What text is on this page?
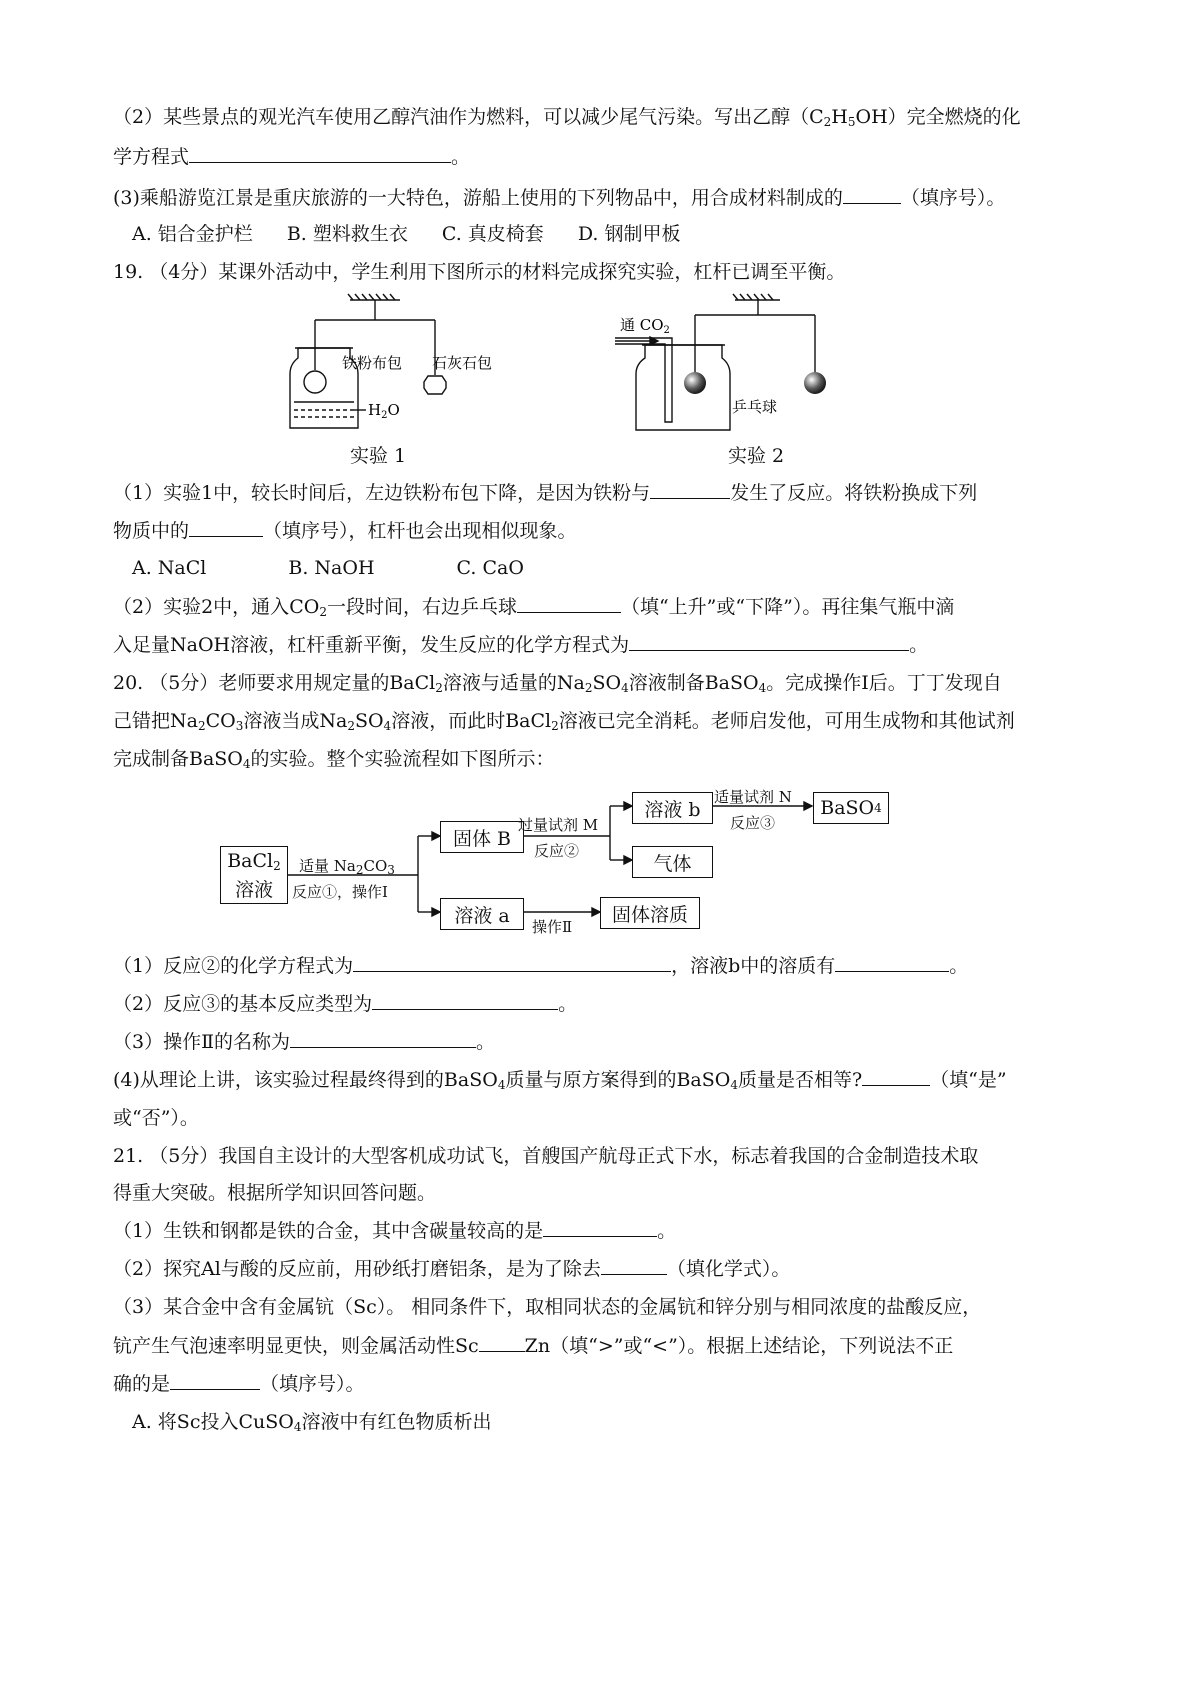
（2）某些景点的观光汽车使用乙醇汽油作为燃料，可以减少尾气污染。写出乙醇$(C_2H_5OH)$完全燃烧的化
学方程式	。
(3)乘船游览江景是重庆旅游的一大特色，游船上使用的下列物品中，用合成材料制成的	（填序号）。
A. 铝合金护栏 B. 塑料救生衣 C. 真皮椅套 D. 钢制甲板
19. （4分）某课外活动中，学生利用下图所示的材料完成探究实验，杠杆已调至平衡。
铁粉布包 石灰石包
$H_2O$
通 $CO_2$
乒乓球
实验 1	实验 2
（1）实验1中，较长时间后，左边铁粉布包下降，是因为铁粉与	发生了反应。将铁粉换成下列
物质中的	（填序号），杠杆也会出现相似现象。
A. NaCl	B. NaOH	C. CaO
（2）实验2中，通入$CO_2$一段时间，右边乒乓球	（填“上升”或“下降”）。再往集气瓶中滴
入足量NaOH溶液，杠杆重新平衡，发生反应的化学方程式为	。
20. （5分）老师要求用规定量的BaCl$_2$溶液与适量的$Na_2SO_4$溶液制备BaSO$_4$。完成操作Ⅰ后。丁丁发现自
己错把$Na_2CO_3$溶液当成$Na_2SO_4$溶液，而此时BaCl$_2$溶液已完全消耗。老师启发他，可用生成物和其他试剂
完成制备BaSO$_4$的实验。整个实验流程如下图所示：
BaCl$_2$
溶液
适量 $Na_2CO_3$
反应①，操作Ⅰ
固体 B
溶液 a
过量试剂 M
反应②
溶液 b
气体
适量试剂 N
反应③
BaSO 4
操作Ⅱ
固体溶质
（1）反应②的化学方程式为	，溶液b中的溶质有	。
（2）反应③的基本反应类型为	。
（3）操作Ⅱ的名称为	。
(4)从理论上讲，该实验过程最终得到的BaSO$_4$质量与原方案得到的BaSO$_4$质量是否相等?	（填“是”
或“否”）。
21. （5分）我国自主设计的大型客机成功试飞，首艘国产航母正式下水，标志着我国的合金制造技术取
得重大突破。根据所学知识回答问题。
（1）生铁和钢都是铁的合金，其中含碳量较高的是	。
（2）探究Al与酸的反应前，用砂纸打磨铝条，是为了除去	（填化学式）。
（3）某合金中含有金属钪（Sc）。 相同条件下，取相同状态的金属钪和锌分别与相同浓度的盐酸反应，
钪产生气泡速率明显更快，则金属活动性Sc Zn（填“>”或“<”）。根据上述结论，下列说法不正
确的是	（填序号）。
A. 将Sc投入CuSO$_4$溶液中有红色物质析出
